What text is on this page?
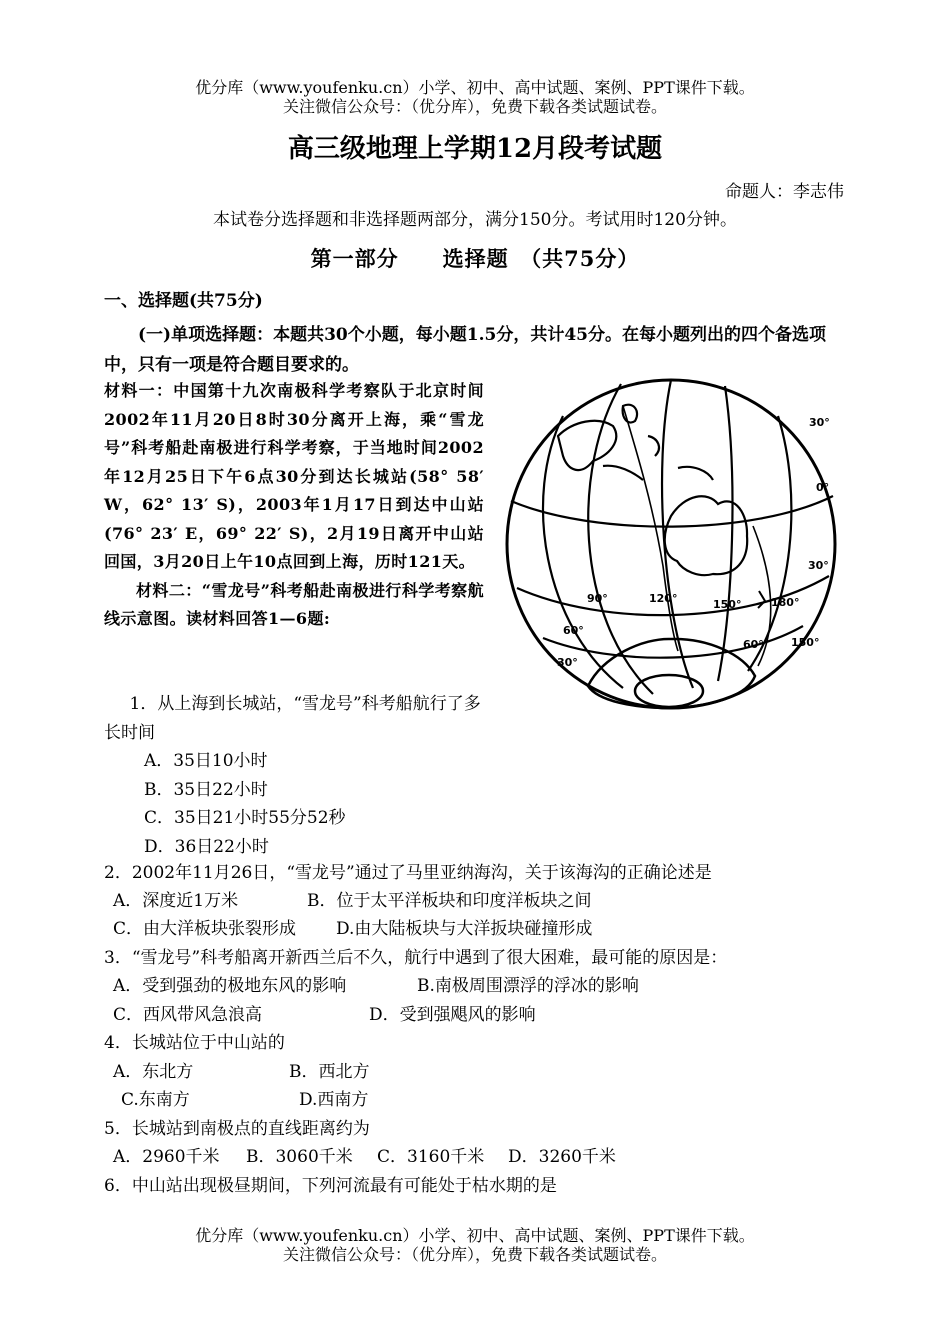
优分库（www.youfenku.cn）小学、初中、高中试题、案例、PPT课件下载。
关注微信公众号：（优分库），免费下载各类试题试卷。
高三级地理上学期12月段考试题
命题人：李志伟
本试卷分选择题和非选择题两部分，满分150分。考试用时120分钟。
第一部分　　选择题　（共75分）
一、选择题(共75分)
(一)单项选择题：本题共30个小题，每小题1.5分，共计45分。在每小题列出的四个备选项中，只有一项是符合题目要求的。

材料一：中国第十九次南极科学考察队于北京时间2002年11月20日8时30分离开上海，乘“雪龙号”科考船赴南极进行科学考察，于当地时间2002年12月25日下午6点30分到达长城站(58° 58′ W，62° 13′ S)，2003年1月17日到达中山站(76° 23′ E，69° 22′ S)，2月19日离开中山站回国，3月20日上午10点回到上海，历时121天。

材料二：“雪龙号”科考船赴南极进行科学考察航线示意图。读材料回答1—6题:

1．从上海到长城站，“雪龙号”科考船航行了多长时间
A．35日10小时
B．35日22小时
C．35日21小时55分52秒
D．36日22小时
2．2002年11月26日，“雪龙号”通过了马里亚纳海沟，关于该海沟的正确论述是
A．深度近1万米	B．位于太平洋板块和印度洋板块之间
C．由大洋板块张裂形成 D.由大陆板块与大洋扳块碰撞形成
3．“雪龙号”科考船离开新西兰后不久，航行中遇到了很大困难，最可能的原因是：
A．受到强劲的极地东风的影响	B.南极周围漂浮的浮冰的影响
C．西风带风急浪高	D．受到强飓风的影响
4．长城站位于中山站的
A．东北方	B．西北方
C.东南方	D.西南方
5．长城站到南极点的直线距离约为
A．2960千米 B．3060千米 C．3160千米 D．3260千米
6．中山站出现极昼期间，下列河流最有可能处于枯水期的是
30°
0°
30°
90°	120°	150°	180°
60°
60° 150°
30°
优分库（www.youfenku.cn）小学、初中、高中试题、案例、PPT课件下载。
关注微信公众号：（优分库），免费下载各类试题试卷。
